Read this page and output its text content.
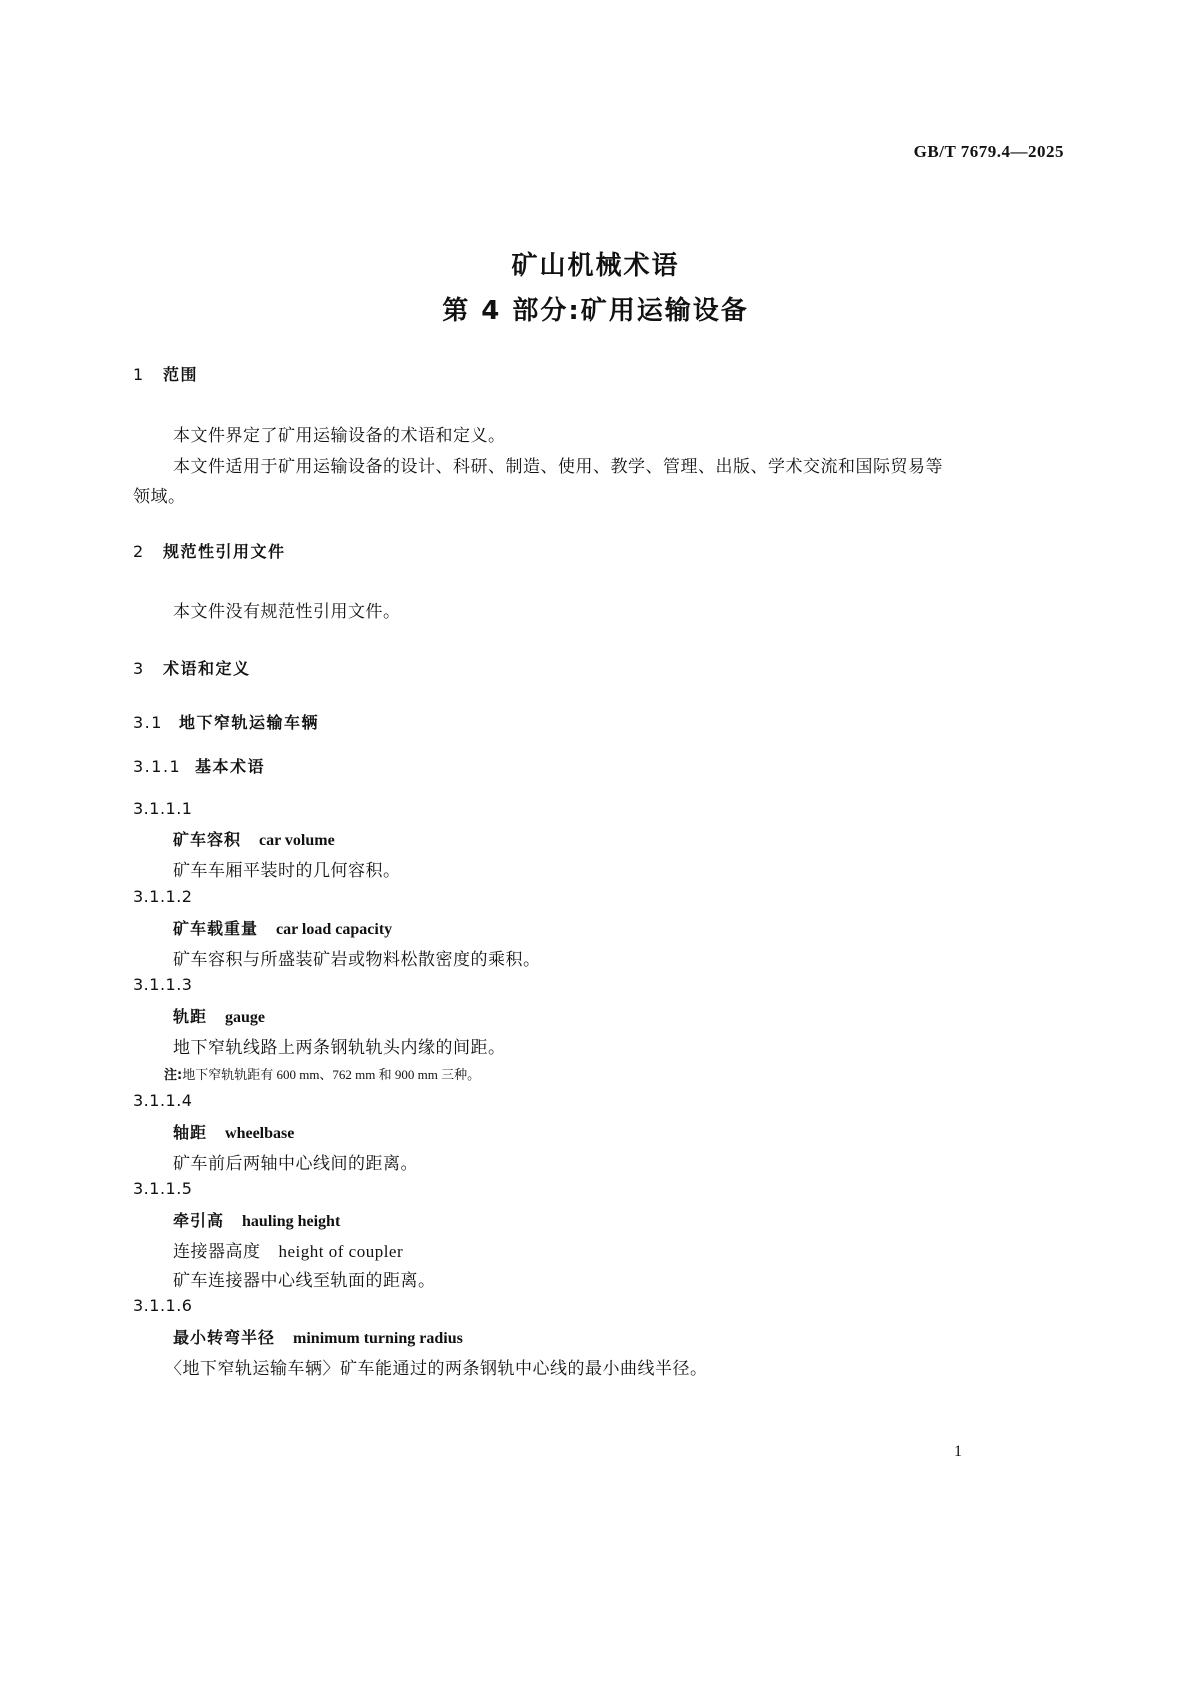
GB/T 7679.4—2025
矿山机械术语
第 4 部分:矿用运输设备
1 范围
本文件界定了矿用运输设备的术语和定义。
本文件适用于矿用运输设备的设计、科研、制造、使用、教学、管理、出版、学术交流和国际贸易等
领域。
2 规范性引用文件
本文件没有规范性引用文件。
3 术语和定义
3.1 地下窄轨运输车辆
3.1.1 基本术语
3.1.1.1
矿车容积 car volume
矿车车厢平装时的几何容积。
3.1.1.2
矿车载重量 car load capacity
矿车容积与所盛装矿岩或物料松散密度的乘积。
3.1.1.3
轨距 gauge
地下窄轨线路上两条钢轨轨头内缘的间距。
注:地下窄轨轨距有 600 mm、762 mm 和 900 mm 三种。
3.1.1.4
轴距 wheelbase
矿车前后两轴中心线间的距离。
3.1.1.5
牵引高 hauling height
连接器高度 height of coupler
矿车连接器中心线至轨面的距离。
3.1.1.6
最小转弯半径 minimum turning radius
〈地下窄轨运输车辆〉矿车能通过的两条钢轨中心线的最小曲线半径。
1
